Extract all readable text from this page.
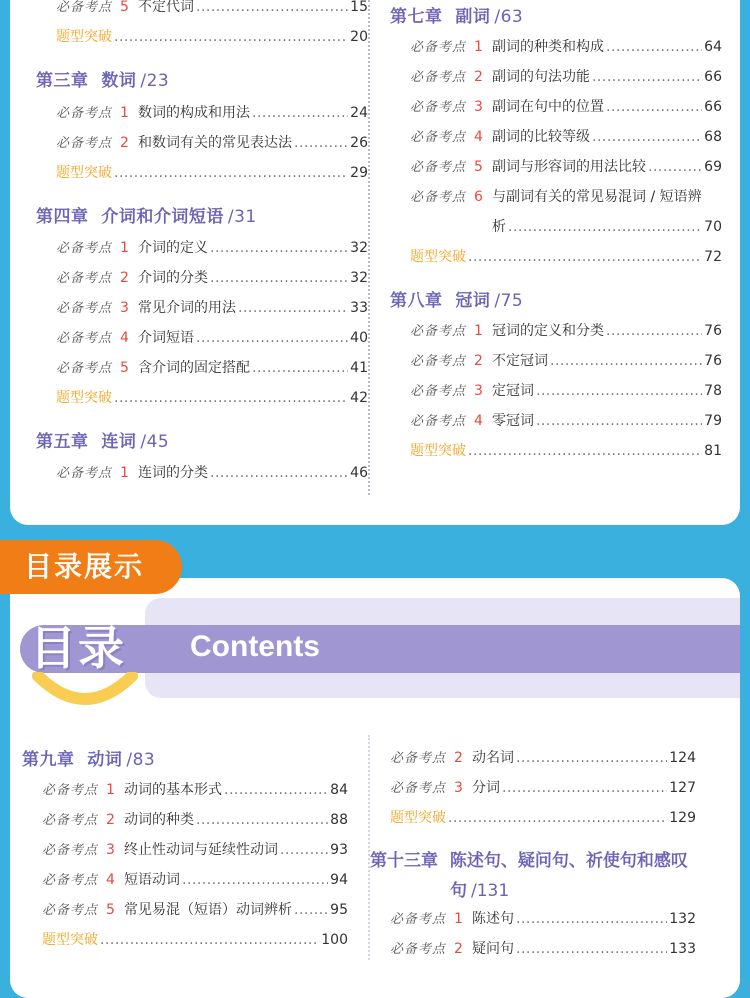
目录 Contents
目录展示
必备考点 5 不定代词 .....	15
题型突破 .....	20
第三章 数词 /23
必备考点 1 数词的构成和用法 .....	24
必备考点 2 和数词有关的常见表达法 .....	26
题型突破 .....	29
第四章 介词和介词短语 /31
必备考点 1 介词的定义 .....	32
必备考点 2 介词的分类 .....	32
必备考点 3 常见介词的用法 .....	33
必备考点 4 介词短语 .....	40
必备考点 5 含介词的固定搭配 .....	41
题型突破 .....	42
第五章 连词 /45
必备考点 1 连词的分类 .....	46
第七章 副词 /63
必备考点 1 副词的种类和构成 .....	64
必备考点 2 副词的句法功能 .....	66
必备考点 3 副词在句中的位置 .....	66
必备考点 4 副词的比较等级 .....	68
必备考点 5 副词与形容词的用法比较 .....	69
必备考点 6 与副词有关的常见易混词 / 短语辨
析 .....	70
题型突破 .....	72
第八章 冠词 /75
必备考点 1 冠词的定义和分类 .....	76
必备考点 2 不定冠词 .....	76
必备考点 3 定冠词 .....	78
必备考点 4 零冠词 .....	79
题型突破 .....	81
第九章 动词 /83
必备考点 1 动词的基本形式 .....	84
必备考点 2 动词的种类 .....	88
必备考点 3 终止性动词与延续性动词 .....	93
必备考点 4 短语动词 .....	94
必备考点 5 常见易混（短语）动词辨析 .....	95
题型突破 .....	100
必备考点 2 动名词 .....	124
必备考点 3 分词 .....	127
题型突破 .....	129
第十三章 陈述句、疑问句、祈使句和感叹
句 /131
必备考点 1 陈述句 .....	132
必备考点 2 疑问句 .....	133
